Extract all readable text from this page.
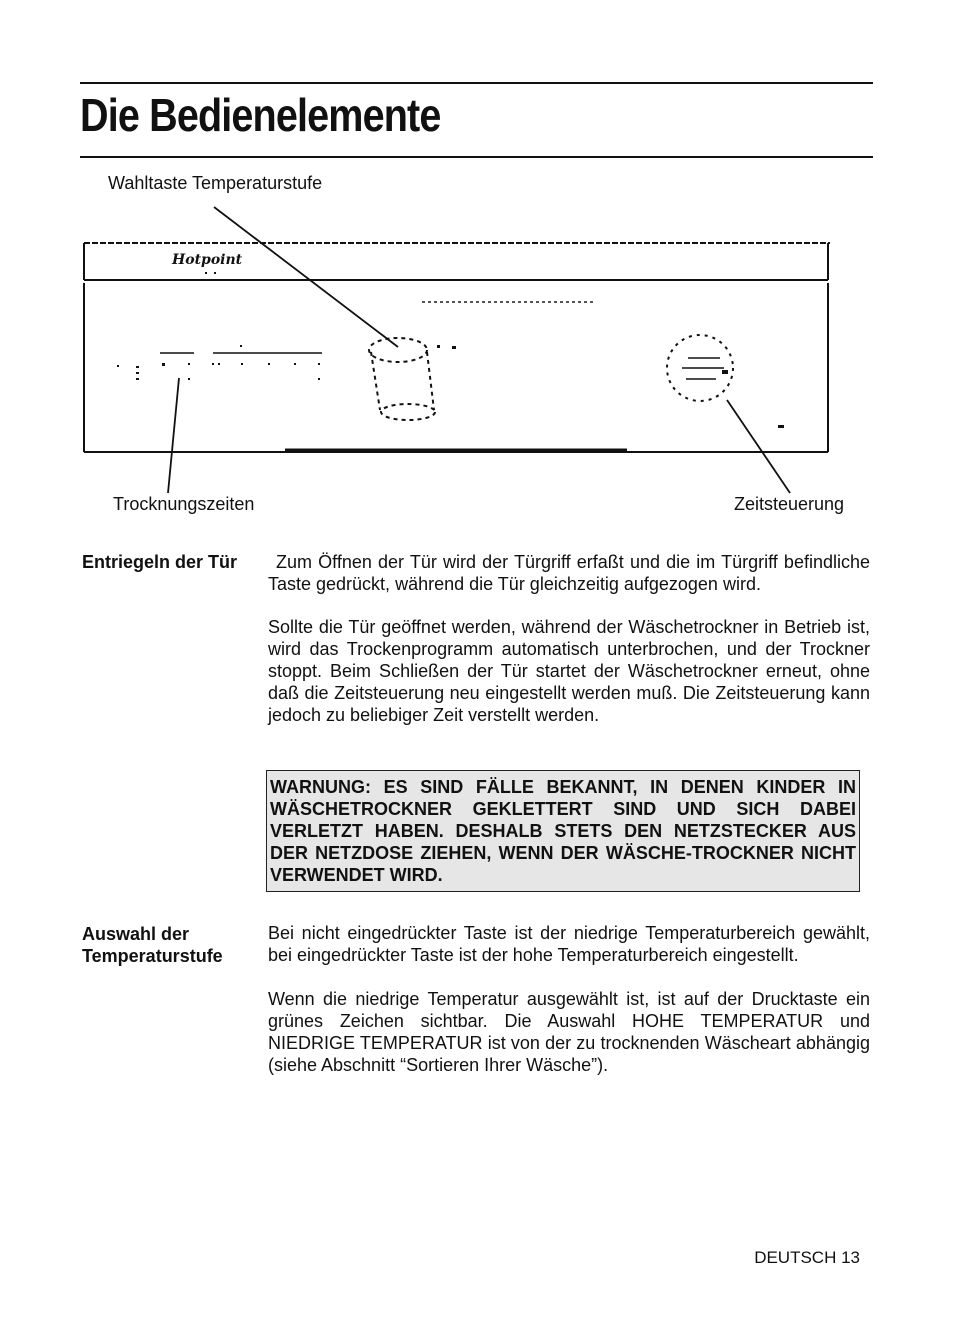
Die Bedienelemente
Hotpoint
Wahltaste Temperaturstufe
Trocknungszeiten	Zeitsteuerung
Entriegeln der Tür	Zum Öffnen der Tür wird der Türgriff erfaßt und die im Türgriff befindliche Taste gedrückt, während die Tür gleichzeitig aufgezogen wird.

Sollte die Tür geöffnet werden, während der Wäschetrockner in Betrieb ist, wird das Trockenprogramm automatisch unterbrochen, und der Trockner stoppt. Beim Schließen der Tür startet der Wäschetrockner erneut, ohne daß die Zeitsteuerung neu eingestellt werden muß. Die Zeitsteuerung kann jedoch zu beliebiger Zeit verstellt werden.

WARNUNG: ES SIND FÄLLE BEKANNT, IN DENEN KINDER IN WÄSCHETROCKNER GEKLETTERT SIND UND SICH DABEI VERLETZT HABEN. DESHALB STETS DEN NETZSTECKER AUS DER NETZDOSE ZIEHEN, WENN DER WÄSCHE-TROCKNER NICHT VERWENDET WIRD.

Auswahl der
Temperaturstufe

Bei nicht eingedrückter Taste ist der niedrige Temperaturbereich gewählt, bei eingedrückter Taste ist der hohe Temperaturbereich eingestellt.

Wenn die niedrige Temperatur ausgewählt ist, ist auf der Drucktaste ein grünes Zeichen sichtbar. Die Auswahl HOHE TEMPERATUR und NIEDRIGE TEMPERATUR ist von der zu trocknenden Wäscheart abhängig (siehe Abschnitt “Sortieren Ihrer Wäsche”).

DEUTSCH 13
